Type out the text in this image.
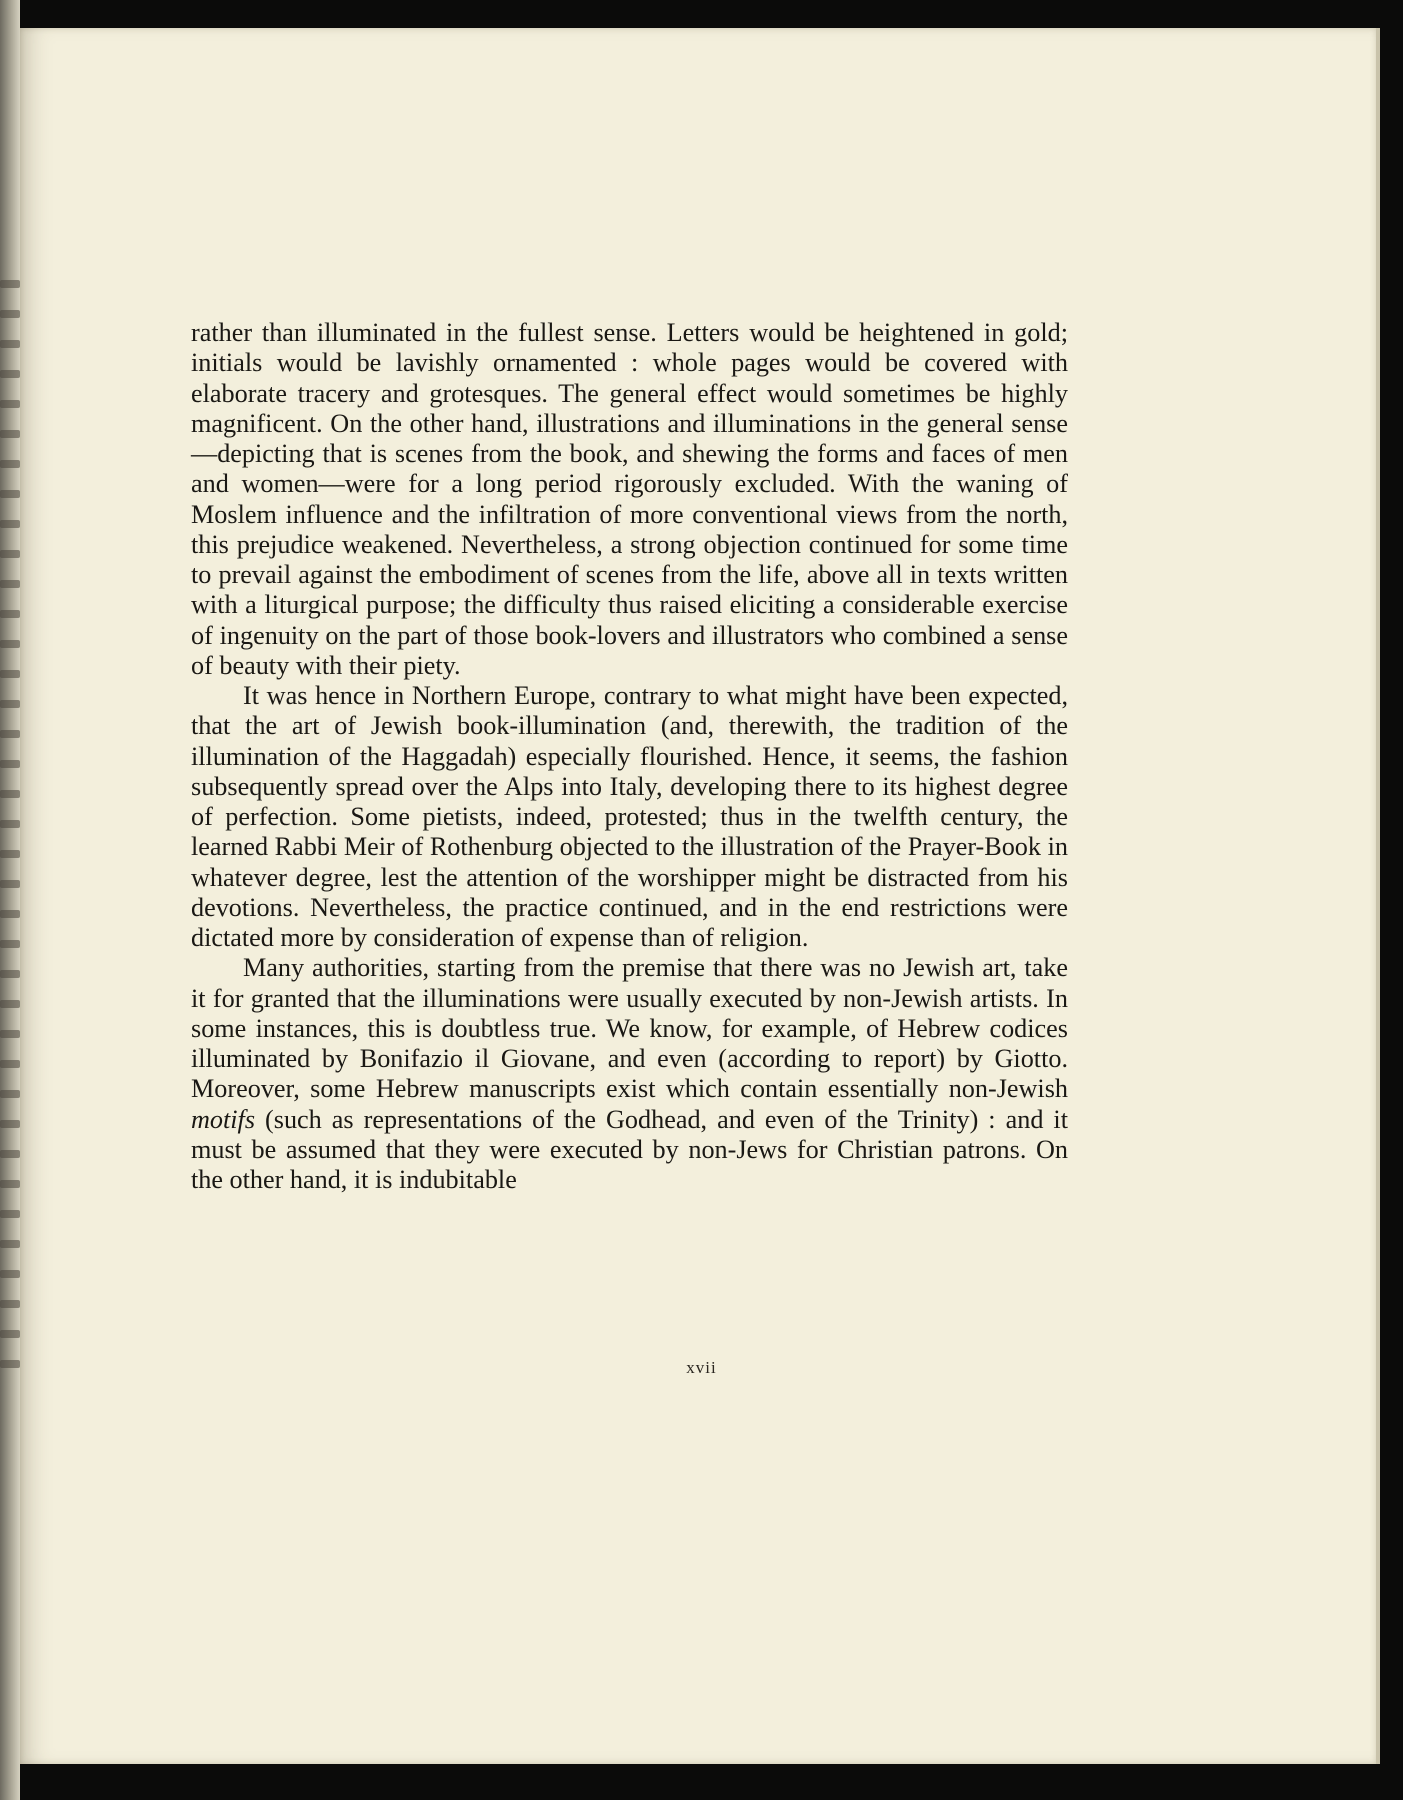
rather than illuminated in the fullest sense. Letters would be heightened in gold; initials would be lavishly ornamented : whole pages would be covered with elaborate tracery and grotesques. The general effect would sometimes be highly magnificent. On the other hand, illustrations and illuminations in the general sense—depicting that is scenes from the book, and shewing the forms and faces of men and women—were for a long period rigorously excluded. With the waning of Moslem influence and the infiltration of more conventional views from the north, this prejudice weakened. Nevertheless, a strong objection continued for some time to prevail against the embodiment of scenes from the life, above all in texts written with a liturgical purpose; the difficulty thus raised eliciting a considerable exercise of ingenuity on the part of those book-lovers and illustrators who combined a sense of beauty with their piety.

It was hence in Northern Europe, contrary to what might have been expected, that the art of Jewish book-illumination (and, therewith, the tradition of the illumination of the Haggadah) especially flourished. Hence, it seems, the fashion subsequently spread over the Alps into Italy, developing there to its highest degree of perfection. Some pietists, indeed, protested; thus in the twelfth century, the learned Rabbi Meir of Rothenburg objected to the illustration of the Prayer-Book in whatever degree, lest the attention of the worshipper might be distracted from his devotions. Nevertheless, the practice continued, and in the end restrictions were dictated more by consideration of expense than of religion.

Many authorities, starting from the premise that there was no Jewish art, take it for granted that the illuminations were usually executed by non-Jewish artists. In some instances, this is doubtless true. We know, for example, of Hebrew codices illuminated by Bonifazio il Giovane, and even (according to report) by Giotto. Moreover, some Hebrew manuscripts exist which contain essentially non-Jewish motifs (such as representations of the Godhead, and even of the Trinity) : and it must be assumed that they were executed by non-Jews for Christian patrons. On the other hand, it is indubitable

xvii
